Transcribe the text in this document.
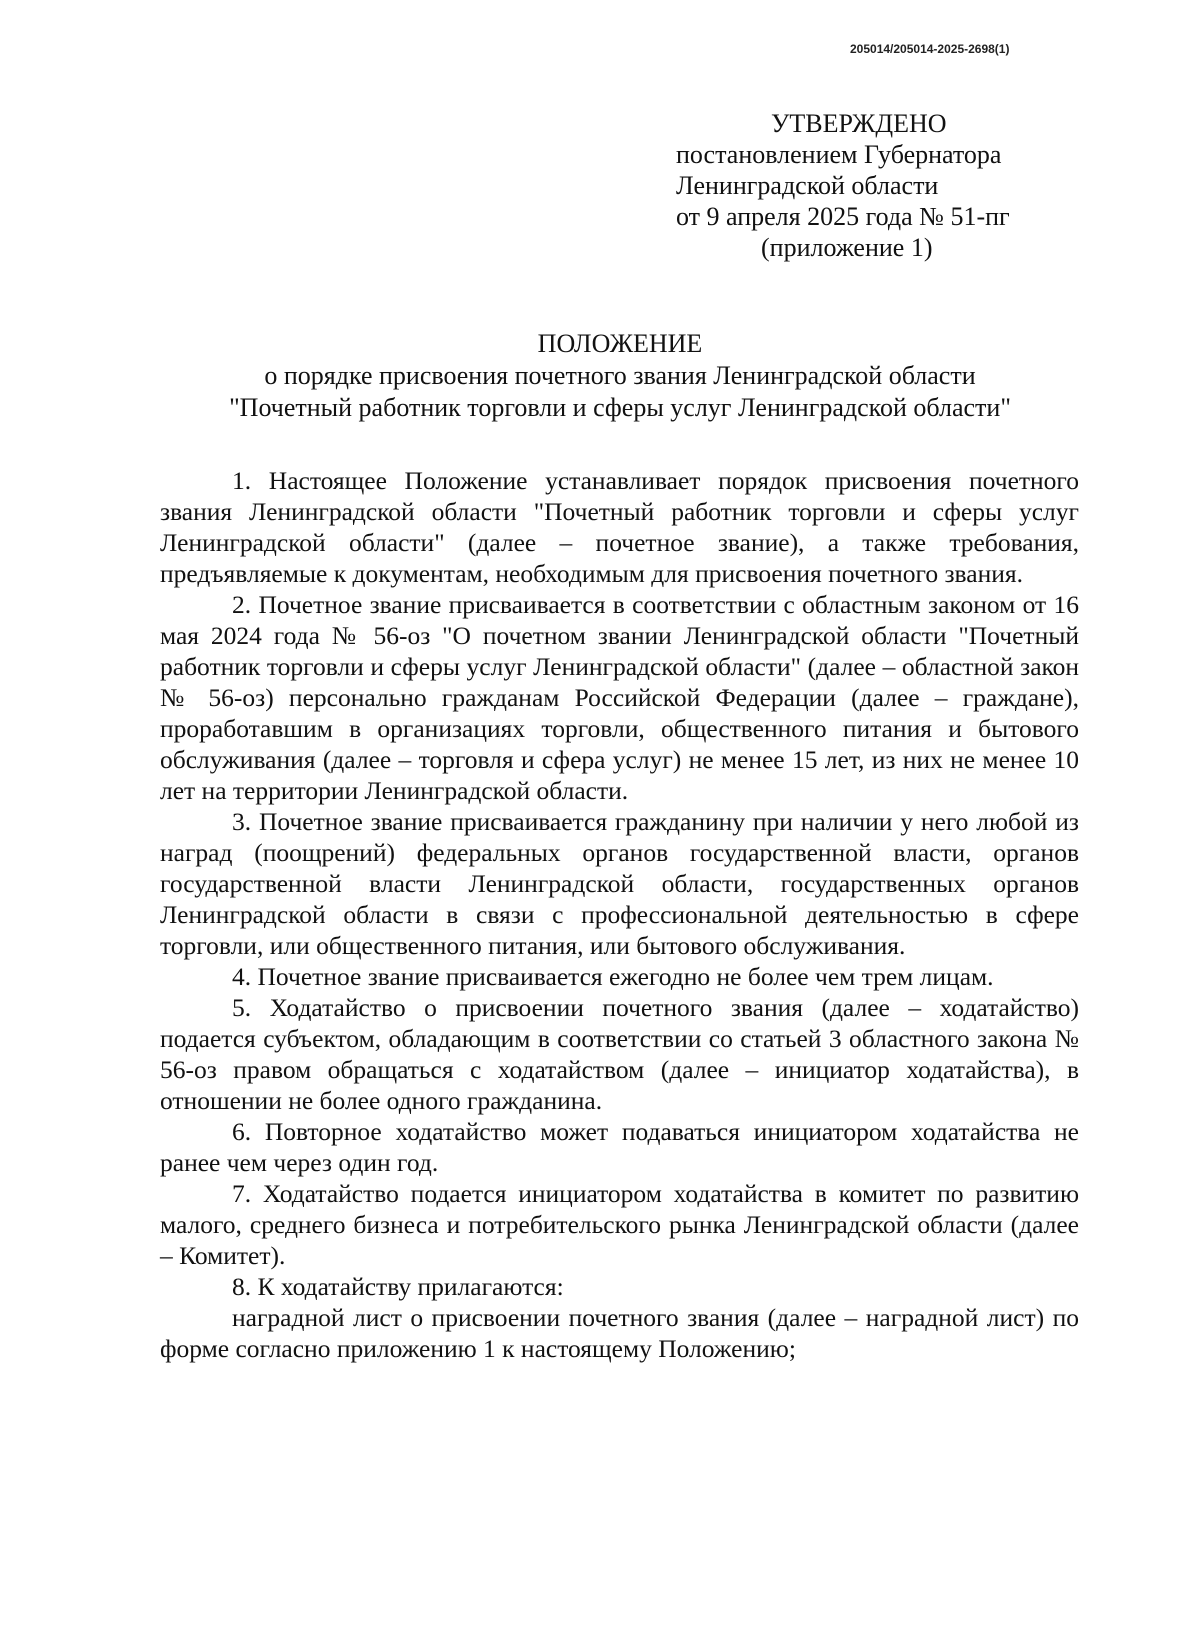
205014/205014-2025-2698(1)
УТВЕРЖДЕНО
постановлением Губернатора
Ленинградской области
от 9 апреля 2025 года № 51-пг
(приложение 1)
ПОЛОЖЕНИЕ
о порядке присвоения почетного звания Ленинградской области
"Почетный работник торговли и сферы услуг Ленинградской области"

1. Настоящее Положение устанавливает порядок присвоения почетного звания Ленинградской области "Почетный работник торговли и сферы услуг Ленинградской области" (далее – почетное звание), а также требования, предъявляемые к документам, необходимым для присвоения почетного звания.

2. Почетное звание присваивается в соответствии с областным законом от 16 мая 2024 года № 56-оз "О почетном звании Ленинградской области "Почетный работник торговли и сферы услуг Ленинградской области" (далее – областной закон № 56-оз) персонально гражданам Российской Федерации (далее – граждане), проработавшим в организациях торговли, общественного питания и бытового обслуживания (далее – торговля и сфера услуг) не менее 15 лет, из них не менее 10 лет на территории Ленинградской области.

3. Почетное звание присваивается гражданину при наличии у него любой из наград (поощрений) федеральных органов государственной власти, органов государственной власти Ленинградской области, государственных органов Ленинградской области в связи с профессиональной деятельностью в сфере торговли, или общественного питания, или бытового обслуживания.

4. Почетное звание присваивается ежегодно не более чем трем лицам.

5. Ходатайство о присвоении почетного звания (далее – ходатайство) подается субъектом, обладающим в соответствии со статьей 3 областного закона № 56-оз правом обращаться с ходатайством (далее – инициатор ходатайства), в отношении не более одного гражданина.

6. Повторное ходатайство может подаваться инициатором ходатайства не ранее чем через один год.

7. Ходатайство подается инициатором ходатайства в комитет по развитию малого, среднего бизнеса и потребительского рынка Ленинградской области (далее – Комитет).

8. К ходатайству прилагаются:

наградной лист о присвоении почетного звания (далее – наградной лист) по форме согласно приложению 1 к настоящему Положению;
